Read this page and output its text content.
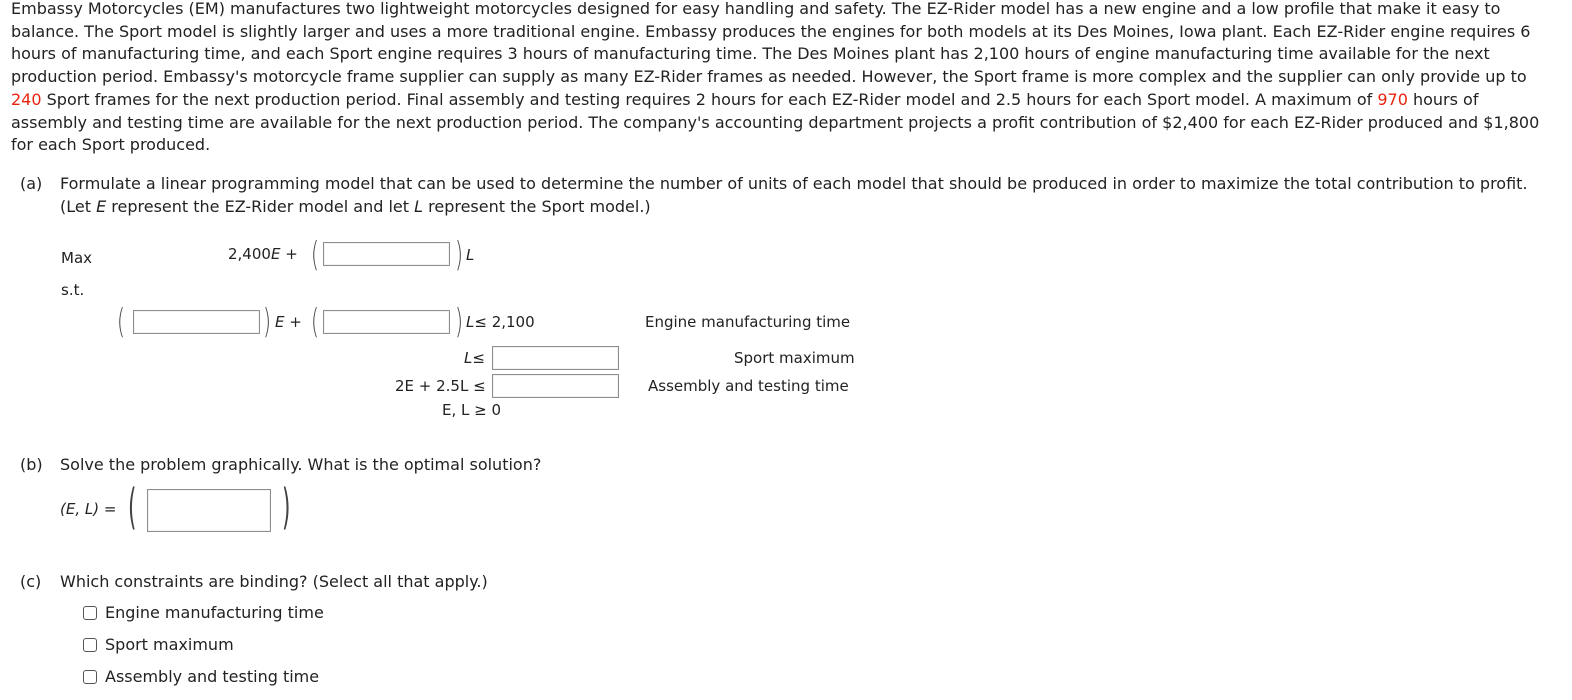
Embassy Motorcycles (EM) manufactures two lightweight motorcycles designed for easy handling and safety. The EZ-Rider model has a new engine and a low profile that make it easy to balance. The Sport model is slightly larger and uses a more traditional engine. Embassy produces the engines for both models at its Des Moines, Iowa plant. Each EZ-Rider engine requires 6 hours of manufacturing time, and each Sport engine requires 3 hours of manufacturing time. The Des Moines plant has 2,100 hours of engine manufacturing time available for the next production period. Embassy's motorcycle frame supplier can supply as many EZ-Rider frames as needed. However, the Sport frame is more complex and the supplier can only provide up to 240 Sport frames for the next production period. Final assembly and testing requires 2 hours for each EZ-Rider model and 2.5 hours for each Sport model. A maximum of 970 hours of assembly and testing time are available for the next production period. The company's accounting department projects a profit contribution of $2,400 for each EZ-Rider produced and $1,800 for each Sport produced.
(a) Formulate a linear programming model that can be used to determine the number of units of each model that should be produced in order to maximize the total contribution to profit.
(Let E represent the EZ-Rider model and let L represent the Sport model.)
Max	2,400E + (	) L
s.t.
(	) E + (	) L≤ 2,100	Engine manufacturing time
L≤	Sport maximum
2E + 2.5L ≤	Assembly and testing time
E, L ≥ 0
(b) Solve the problem graphically. What is the optimal solution?
(E, L) = (	)
(c) Which constraints are binding? (Select all that apply.)
Engine manufacturing time
Sport maximum
Assembly and testing time
